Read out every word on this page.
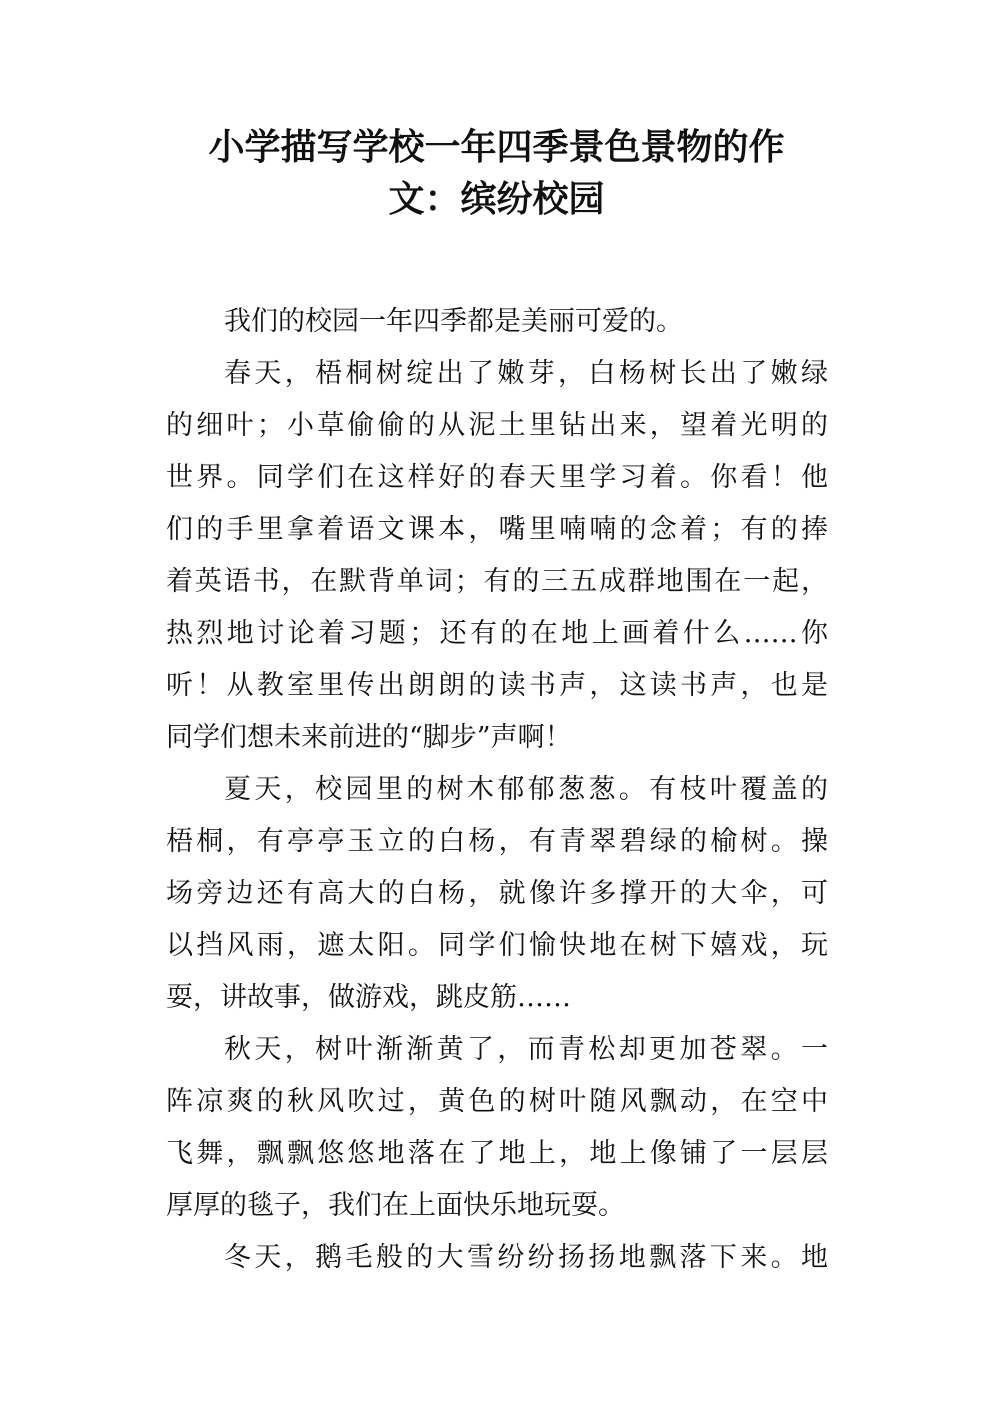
小学描写学校一年四季景色景物的作
文：缤纷校园
我们的校园一年四季都是美丽可爱的。
春天，梧桐树绽出了嫩芽，白杨树长出了嫩绿
的细叶；小草偷偷的从泥土里钻出来，望着光明的
世界。同学们在这样好的春天里学习着。你看！他
们的手里拿着语文课本，嘴里喃喃的念着；有的捧
着英语书，在默背单词；有的三五成群地围在一起，
热烈地讨论着习题；还有的在地上画着什么……你
听！从教室里传出朗朗的读书声，这读书声，也是
同学们想未来前进的“脚步”声啊！
夏天，校园里的树木郁郁葱葱。有枝叶覆盖的
梧桐，有亭亭玉立的白杨，有青翠碧绿的榆树。操
场旁边还有高大的白杨，就像许多撑开的大伞，可
以挡风雨，遮太阳。同学们愉快地在树下嬉戏，玩
耍，讲故事，做游戏，跳皮筋……
秋天，树叶渐渐黄了，而青松却更加苍翠。一
阵凉爽的秋风吹过，黄色的树叶随风飘动，在空中
飞舞，飘飘悠悠地落在了地上，地上像铺了一层层
厚厚的毯子，我们在上面快乐地玩耍。
冬天，鹅毛般的大雪纷纷扬扬地飘落下来。地
